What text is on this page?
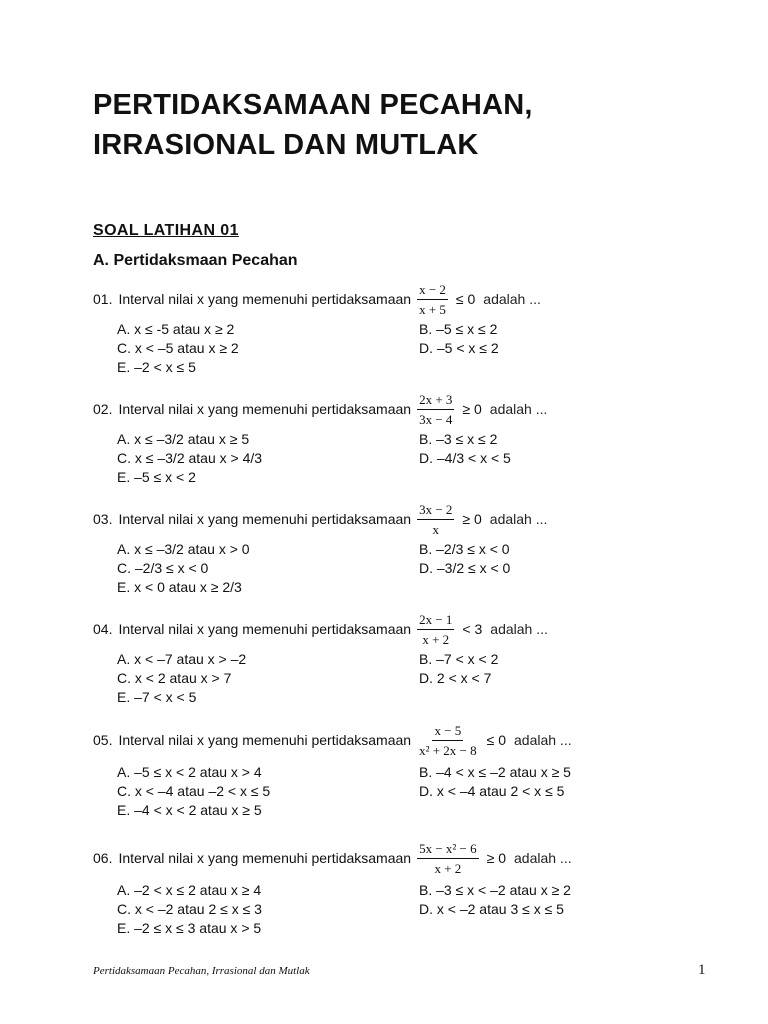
PERTIDAKSAMAAN PECAHAN,
IRRASIONAL DAN MUTLAK
SOAL LATIHAN 01
A. Pertidaksmaan Pecahan
01. Interval nilai x yang memenuhi pertidaksamaan $\frac{x - 2}{x + 5} \le 0$ adalah ...
A. x ≤ -5 atau x ≥ 2	B. –5 ≤ x ≤ 2
C. x < –5 atau x ≥ 2	D. –5 < x ≤ 2
E. –2 < x ≤ 5
02. Interval nilai x yang memenuhi pertidaksamaan $\frac{2x + 3}{3x - 4} \ge 0$ adalah ...
A. x ≤ –3/2 atau x ≥ 5	B. –3 ≤ x ≤ 2
C. x ≤ –3/2 atau x > 4/3	D. –4/3 < x < 5
E. –5 ≤ x < 2
03. Interval nilai x yang memenuhi pertidaksamaan $\frac{3x - 2}{x} \ge 0$ adalah ...
A. x ≤ –3/2 atau x > 0	B. –2/3 ≤ x < 0
C. –2/3 ≤ x < 0	D. –3/2 ≤ x < 0
E. x < 0 atau x ≥ 2/3
04. Interval nilai x yang memenuhi pertidaksamaan $\frac{2x - 1}{x + 2} < 3$ adalah ...
A. x < –7 atau x > –2	B. –7 < x < 2
C. x < 2 atau x > 7	D. 2 < x < 7
E. –7 < x < 5
05. Interval nilai x yang memenuhi pertidaksamaan $\frac{x - 5}{\text{x² + 2x − 8}} \le 0$ adalah ...
A. –5 ≤ x < 2 atau x > 4	B. –4 < x ≤ –2 atau x ≥ 5
C. x < –4 atau –2 < x ≤ 5	D. x < –4 atau 2 < x ≤ 5
E. –4 < x < 2 atau x ≥ 5
06. Interval nilai x yang memenuhi pertidaksamaan $\frac{\text{5x − x² − 6}}{x + 2} \ge 0$ adalah ...
A. –2 < x ≤ 2 atau x ≥ 4	B. –3 ≤ x < –2 atau x ≥ 2
C. x < –2 atau 2 ≤ x ≤ 3	D. x < –2 atau 3 ≤ x ≤ 5
E. –2 ≤ x ≤ 3 atau x > 5
Pertidaksamaan Pecahan, Irrasional dan Mutlak	1
